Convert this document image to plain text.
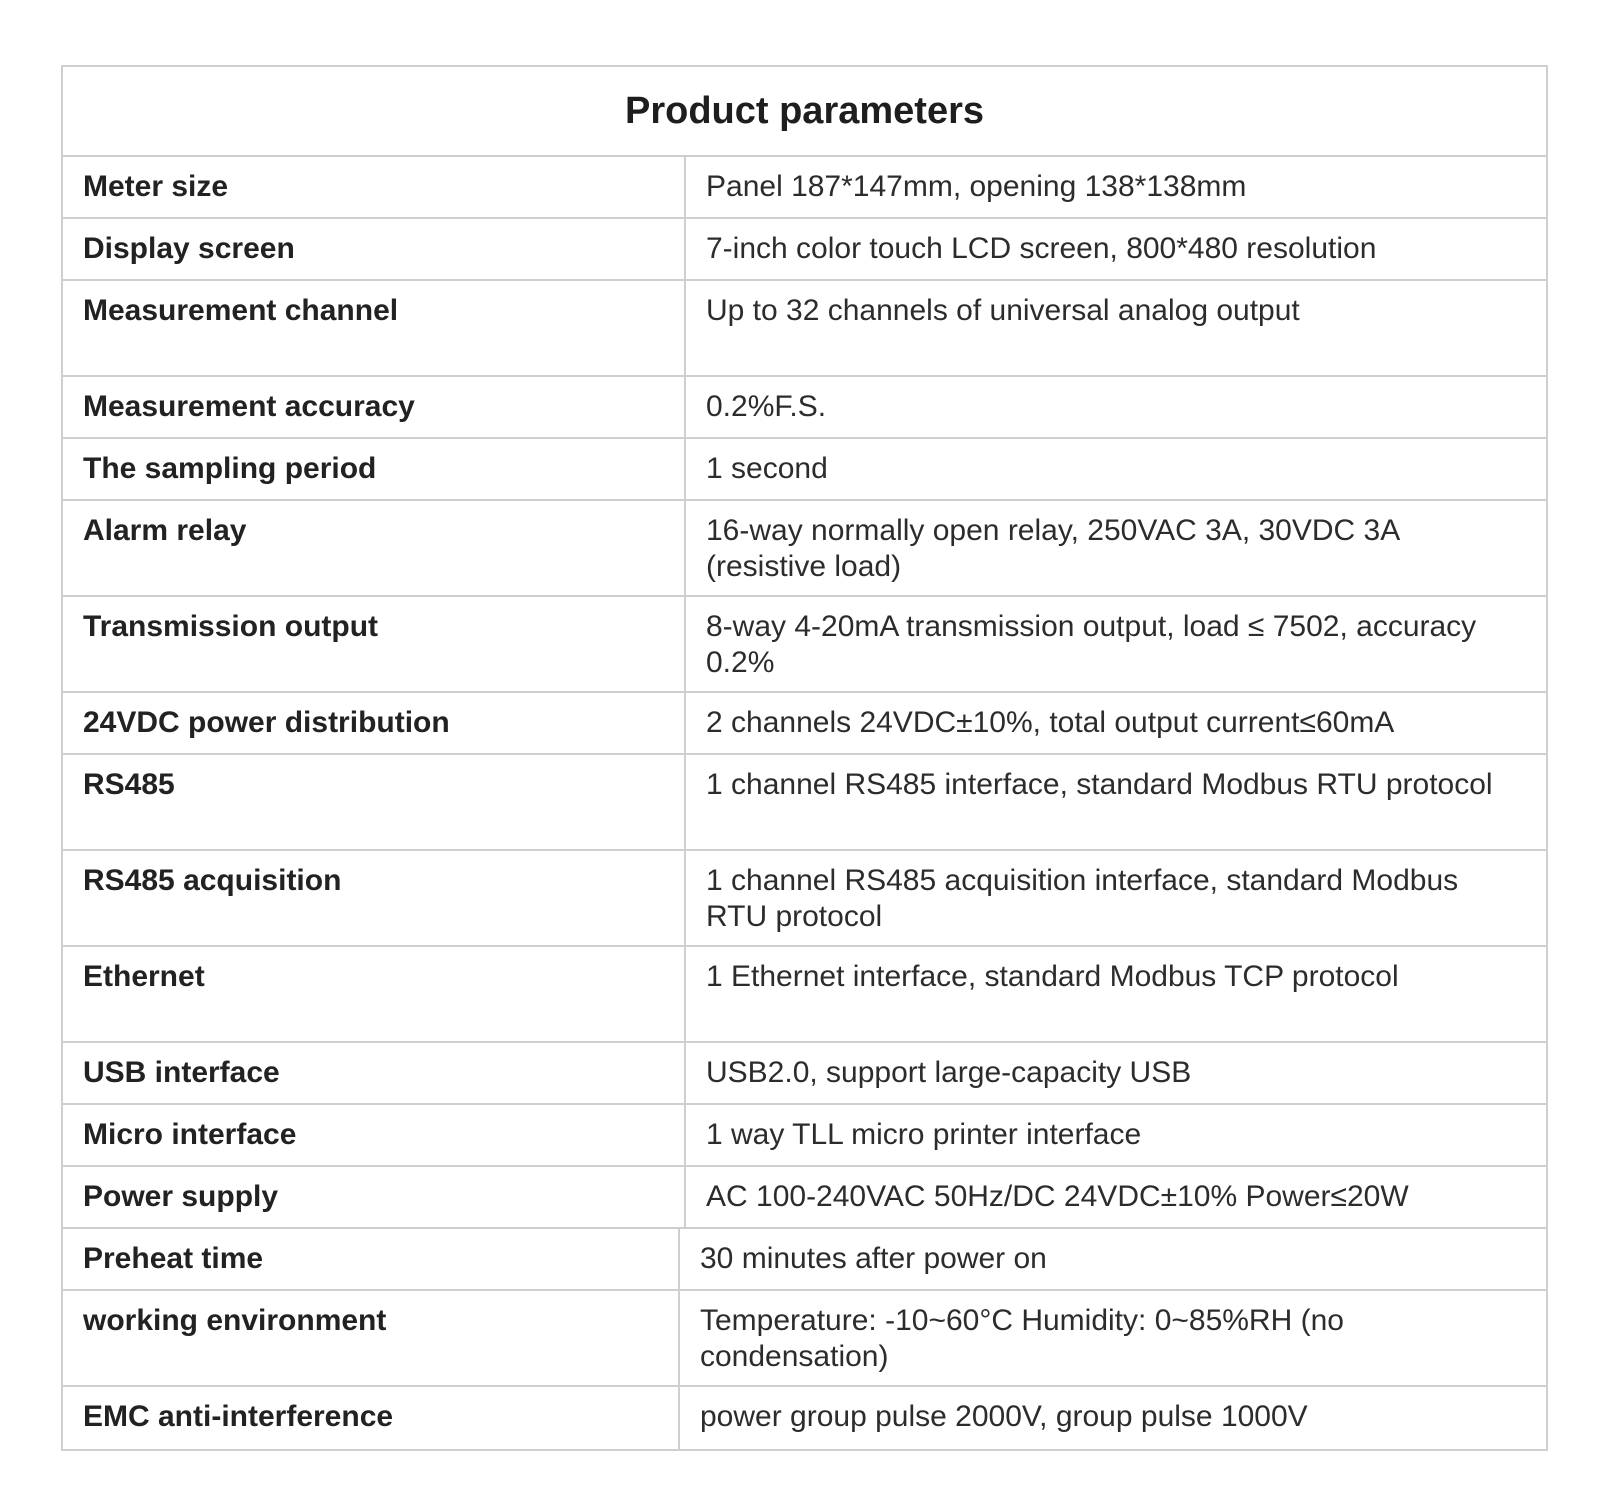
Product parameters
Meter size	Panel 187*147mm, opening 138*138mm
Display screen	7-inch color touch LCD screen, 800*480 resolution
Measurement channel	Up to 32 channels of universal analog output
Measurement accuracy	0.2%F.S.
The sampling period	1 second
Alarm relay	16-way normally open relay, 250VAC 3A, 30VDC 3A (resistive load)
Transmission output	8-way 4-20mA transmission output, load ≤ 7502, accuracy 0.2%
24VDC power distribution	2 channels 24VDC±10%, total output current≤60mA
RS485	1 channel RS485 interface, standard Modbus RTU protocol
RS485 acquisition	1 channel RS485 acquisition interface, standard Modbus RTU protocol
Ethernet	1 Ethernet interface, standard Modbus TCP protocol
USB interface	USB2.0, support large-capacity USB
Micro interface	1 way TLL micro printer interface
Power supply	AC 100-240VAC 50Hz/DC 24VDC±10% Power≤20W
Preheat time	30 minutes after power on
working environment	Temperature: -10~60°C Humidity: 0~85%RH (no condensation)
EMC anti-interference	power group pulse 2000V, group pulse 1000V
